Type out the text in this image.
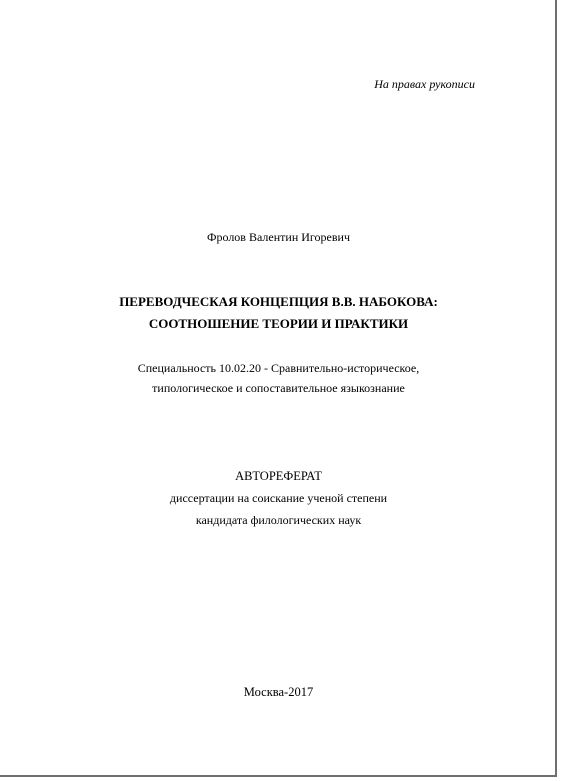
На правах рукописи
Фролов Валентин Игоревич
ПЕРЕВОДЧЕСКАЯ КОНЦЕПЦИЯ В.В. НАБОКОВА:
СООТНОШЕНИЕ ТЕОРИИ И ПРАКТИКИ
Специальность 10.02.20 - Сравнительно-историческое,
типологическое и сопоставительное языкознание
АВТОРЕФЕРАТ
диссертации на соискание ученой степени
кандидата филологических наук
Москва-2017
